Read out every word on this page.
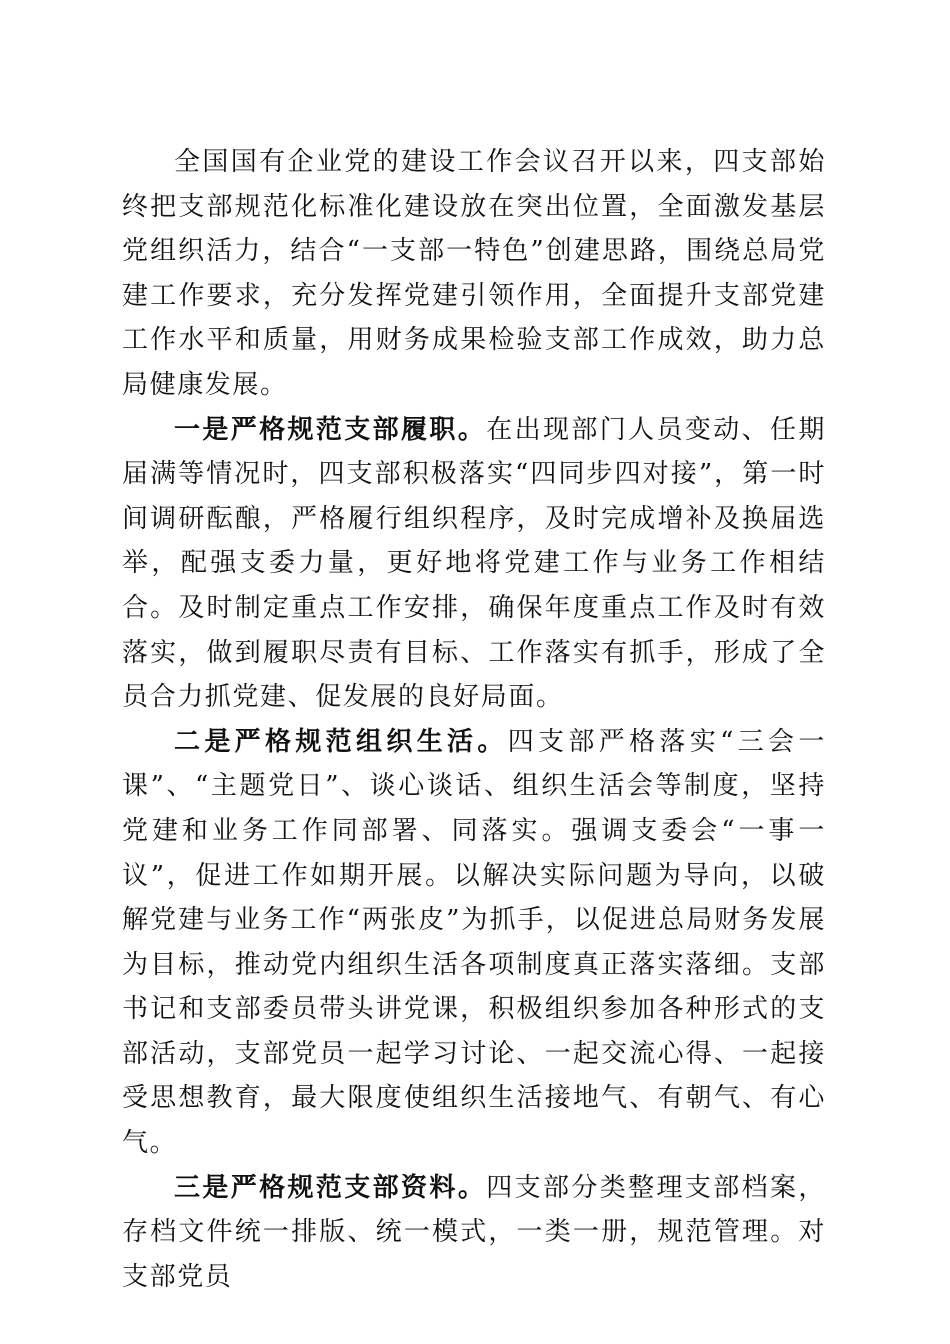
全国国有企业党的建设工作会议召开以来，四支部始终把支部规范化标准化建设放在突出位置，全面激发基层党组织活力，结合“一支部一特色”创建思路，围绕总局党建工作要求，充分发挥党建引领作用，全面提升支部党建工作水平和质量，用财务成果检验支部工作成效，助力总局健康发展。

一是严格规范支部履职。在出现部门人员变动、任期届满等情况时，四支部积极落实“四同步四对接”，第一时间调研酝酿，严格履行组织程序，及时完成增补及换届选举，配强支委力量，更好地将党建工作与业务工作相结合。及时制定重点工作安排，确保年度重点工作及时有效落实，做到履职尽责有目标、工作落实有抓手，形成了全员合力抓党建、促发展的良好局面。

二是严格规范组织生活。四支部严格落实“三会一课”、“主题党日”、谈心谈话、组织生活会等制度，坚持党建和业务工作同部署、同落实。强调支委会“一事一议”，促进工作如期开展。以解决实际问题为导向，以破解党建与业务工作“两张皮”为抓手，以促进总局财务发展为目标，推动党内组织生活各项制度真正落实落细。支部书记和支部委员带头讲党课，积极组织参加各种形式的支部活动，支部党员一起学习讨论、一起交流心得、一起接受思想教育，最大限度使组织生活接地气、有朝气、有心气。

三是严格规范支部资料。四支部分类整理支部档案，存档文件统一排版、统一模式，一类一册，规范管理。对支部党员
